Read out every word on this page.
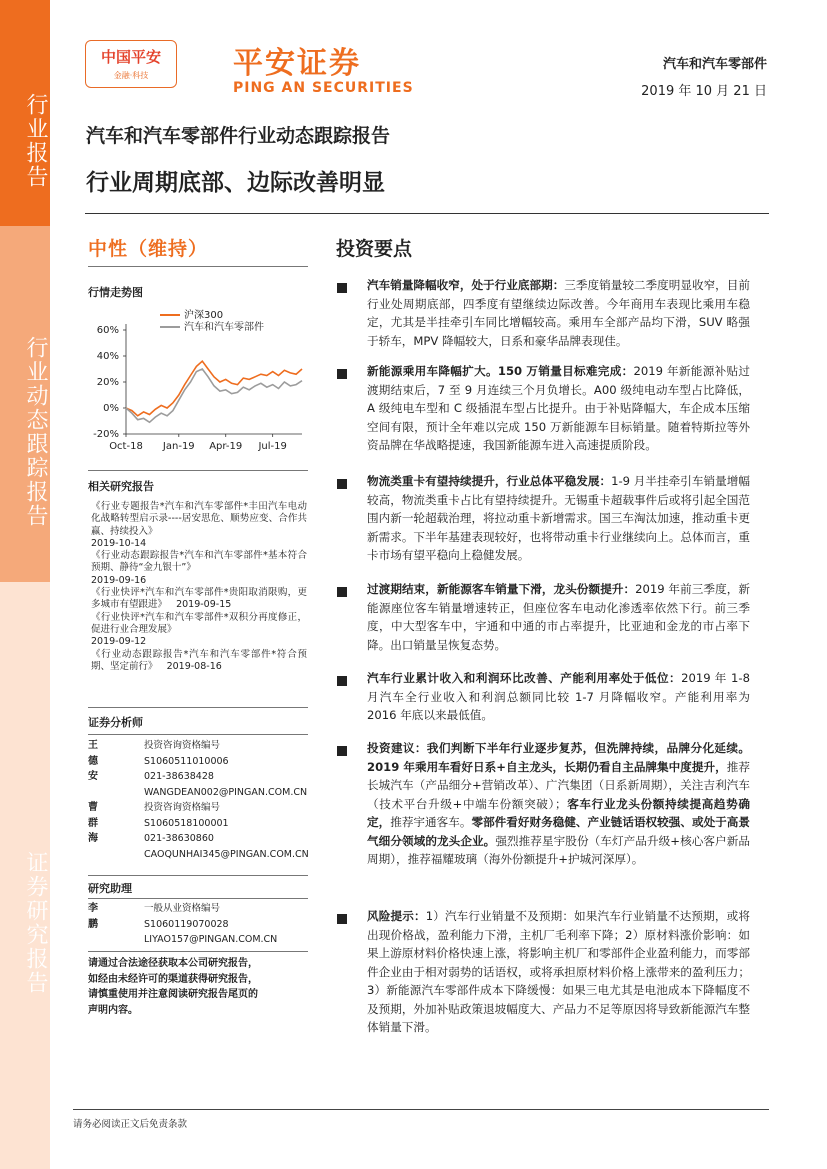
行业报告
行业动态跟踪报告
证券研究报告
中国平安
金融·科技	平安证券
PING AN SECURITIES
汽车和汽车零部件
2019 年 10 月 21 日
汽车和汽车零部件行业动态跟踪报告
行业周期底部、边际改善明显
中性（维持）
行情走势图
60%
40%
20%
0%
-20%
Oct-18 Jan-19 Apr-19 Jul-19
沪深300
汽车和汽车零部件
相关研究报告

《行业专题报告*汽车和汽车零部件*丰田汽车电动化战略转型启示录----居安思危、顺势应变、合作共赢、持续投入》
2019-10-14

《行业动态跟踪报告*汽车和汽车零部件*基本符合预期、静待“金九银十”》
2019-09-16

《行业快评*汽车和汽车零部件*贵阳取消限购，更多城市有望跟进》 2019-09-15

《行业快评*汽车和汽车零部件*双积分再度修正，促进行业合理发展》
2019-09-12

《行业动态跟踪报告*汽车和汽车零部件*符合预期、坚定前行》 2019-08-16

证券分析师
王德安
投资咨询资格编号
S1060511010006
021-38638428
WANGDEAN002@PINGAN.COM.CN
曹群海
投资咨询资格编号
S1060518100001
021-38630860
CAOQUNHAI345@PINGAN.COM.CN
研究助理
李鹏
一般从业资格编号
S1060119070028
LIYAO157@PINGAN.COM.CN
请通过合法途径获取本公司研究报告，如经由未经许可的渠道获得研究报告，请慎重使用并注意阅读研究报告尾页的声明内容。
投资要点
汽车销量降幅收窄，处于行业底部期：三季度销量较二季度明显收窄，目前行业处周期底部，四季度有望继续边际改善。今年商用车表现比乘用车稳定，尤其是半挂牵引车同比增幅较高。乘用车全部产品均下滑，SUV 略强于轿车，MPV 降幅较大，日系和豪华品牌表现佳。
新能源乘用车降幅扩大。150 万销量目标难完成：2019 年新能源补贴过渡期结束后，7 至 9 月连续三个月负增长。A00 级纯电动车型占比降低，A 级纯电车型和 C 级插混车型占比提升。由于补贴降幅大，车企成本压缩空间有限，预计全年难以完成 150 万新能源车目标销量。随着特斯拉等外资品牌在华战略提速，我国新能源车进入高速提质阶段。
物流类重卡有望持续提升，行业总体平稳发展：1-9 月半挂牵引车销量增幅较高，物流类重卡占比有望持续提升。无锡重卡超载事件后或将引起全国范围内新一轮超载治理，将拉动重卡新增需求。国三车淘汰加速，推动重卡更新需求。下半年基建表现较好，也将带动重卡行业继续向上。总体而言，重卡市场有望平稳向上稳健发展。
过渡期结束，新能源客车销量下滑，龙头份额提升：2019 年前三季度，新能源座位客车销量增速转正，但座位客车电动化渗透率依然下行。前三季度，中大型客车中，宇通和中通的市占率提升，比亚迪和金龙的市占率下降。出口销量呈恢复态势。
汽车行业累计收入和利润环比改善、产能利用率处于低位：2019 年 1-8 月汽车全行业收入和利润总额同比较 1-7 月降幅收窄。产能利用率为 2016 年底以来最低值。
投资建议：我们判断下半年行业逐步复苏，但洗牌持续，品牌分化延续。2019 年乘用车看好日系+自主龙头，长期仍看自主品牌集中度提升，推荐长城汽车（产品细分+营销改革）、广汽集团（日系新周期），关注吉利汽车（技术平台升级+中端车份额突破）；客车行业龙头份额持续提高趋势确定，推荐宇通客车。零部件看好财务稳健、产业链话语权较强、或处于高景气细分领域的龙头企业。强烈推荐星宇股份（车灯产品升级+核心客户新品周期），推荐福耀玻璃（海外份额提升+护城河深厚）。
风险提示：1）汽车行业销量不及预期：如果汽车行业销量不达预期，或将出现价格战，盈利能力下滑，主机厂毛利率下降；2）原材料涨价影响：如果上游原材料价格快速上涨，将影响主机厂和零部件企业盈利能力，而零部件企业由于相对弱势的话语权，或将承担原材料价格上涨带来的盈利压力；3）新能源汽车零部件成本下降缓慢：如果三电尤其是电池成本下降幅度不及预期，外加补贴政策退坡幅度大、产品力不足等原因将导致新能源汽车整体销量下滑。
请务必阅读正文后免责条款
